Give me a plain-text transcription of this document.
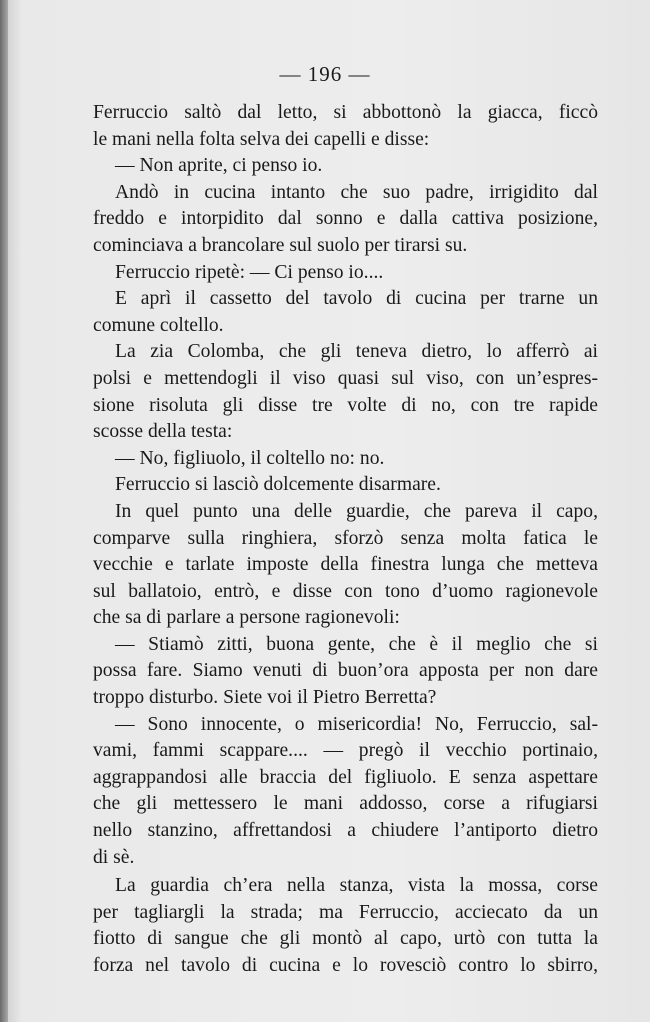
— 196 —
Ferruccio saltò dal letto, si abbottonò la giacca, ficcò
le mani nella folta selva dei capelli e disse:
— Non aprite, ci penso io.
Andò in cucina intanto che suo padre, irrigidito dal
freddo e intorpidito dal sonno e dalla cattiva posizione,
cominciava a brancolare sul suolo per tirarsi su.
Ferruccio ripetè: — Ci penso io....
E aprì il cassetto del tavolo di cucina per trarne un
comune coltello.
La zia Colomba, che gli teneva dietro, lo afferrò ai
polsi e mettendogli il viso quasi sul viso, con un’espres-
sione risoluta gli disse tre volte di no, con tre rapide
scosse della testa:
— No, figliuolo, il coltello no: no.
Ferruccio si lasciò dolcemente disarmare.
In quel punto una delle guardie, che pareva il capo,
comparve sulla ringhiera, sforzò senza molta fatica le
vecchie e tarlate imposte della finestra lunga che metteva
sul ballatoio, entrò, e disse con tono d’uomo ragionevole
che sa di parlare a persone ragionevoli:
— Stiamò zitti, buona gente, che è il meglio che si
possa fare. Siamo venuti di buon’ora apposta per non dare
troppo disturbo. Siete voi il Pietro Berretta?
— Sono innocente, o misericordia! No, Ferruccio, sal-
vami, fammi scappare.... — pregò il vecchio portinaio,
aggrappandosi alle braccia del figliuolo. E senza aspettare
che gli mettessero le mani addosso, corse a rifugiarsi
nello stanzino, affrettandosi a chiudere l’antiporto dietro
di sè.
La guardia ch’era nella stanza, vista la mossa, corse
per tagliargli la strada; ma Ferruccio, acciecato da un
fiotto di sangue che gli montò al capo, urtò con tutta la
forza nel tavolo di cucina e lo rovesciò contro lo sbirro,
